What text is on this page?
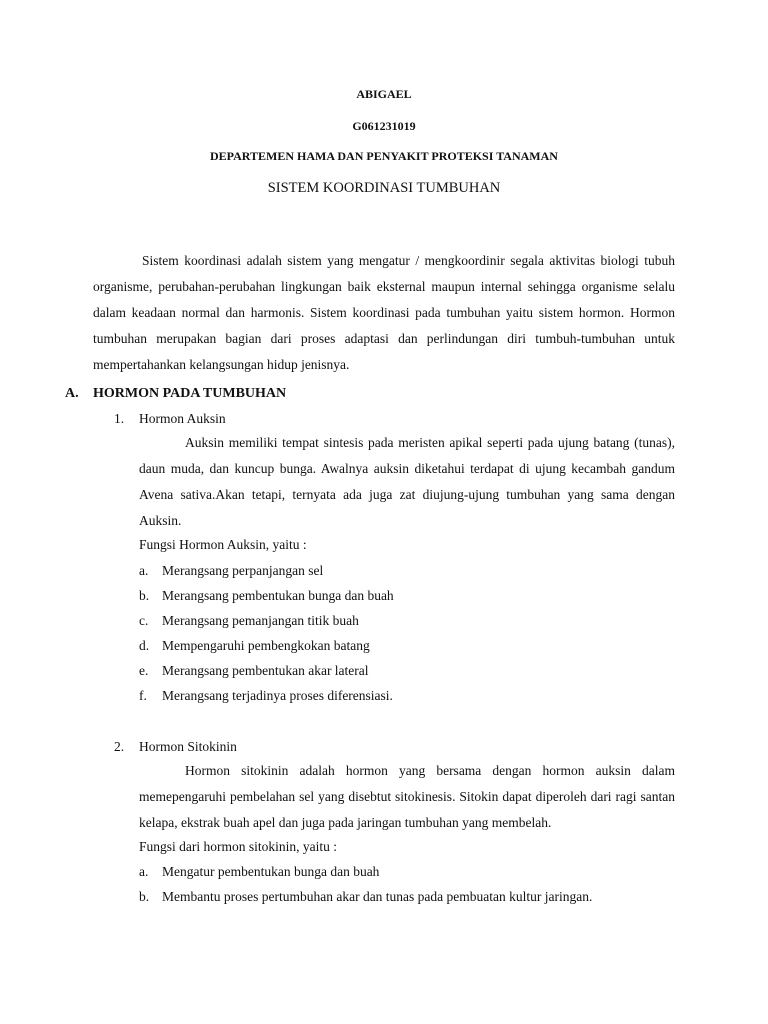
ABIGAEL
G061231019
DEPARTEMEN HAMA DAN PENYAKIT PROTEKSI TANAMAN
SISTEM KOORDINASI TUMBUHAN

Sistem koordinasi adalah sistem yang mengatur / mengkoordinir segala aktivitas biologi tubuh organisme, perubahan-perubahan lingkungan baik eksternal maupun internal sehingga organisme selalu dalam keadaan normal dan harmonis. Sistem koordinasi pada tumbuhan yaitu sistem hormon. Hormon tumbuhan merupakan bagian dari proses adaptasi dan perlindungan diri tumbuh-tumbuhan untuk mempertahankan kelangsungan hidup jenisnya.

A. HORMON PADA TUMBUHAN
1. Hormon Auksin

Auksin memiliki tempat sintesis pada meristen apikal seperti pada ujung batang (tunas), daun muda, dan kuncup bunga. Awalnya auksin diketahui terdapat di ujung kecambah gandum Avena sativa.Akan tetapi, ternyata ada juga zat diujung-ujung tumbuhan yang sama dengan Auksin.

Fungsi Hormon Auksin, yaitu :
a. Merangsang perpanjangan sel
b. Merangsang pembentukan bunga dan buah
c. Merangsang pemanjangan titik buah
d. Mempengaruhi pembengkokan batang
e. Merangsang pembentukan akar lateral
f. Merangsang terjadinya proses diferensiasi.
2. Hormon Sitokinin

Hormon sitokinin adalah hormon yang bersama dengan hormon auksin dalam memepengaruhi pembelahan sel yang disebtut sitokinesis. Sitokin dapat diperoleh dari ragi santan kelapa, ekstrak buah apel dan juga pada jaringan tumbuhan yang membelah.

Fungsi dari hormon sitokinin, yaitu :
a. Mengatur pembentukan bunga dan buah
b. Membantu proses pertumbuhan akar dan tunas pada pembuatan kultur jaringan.
